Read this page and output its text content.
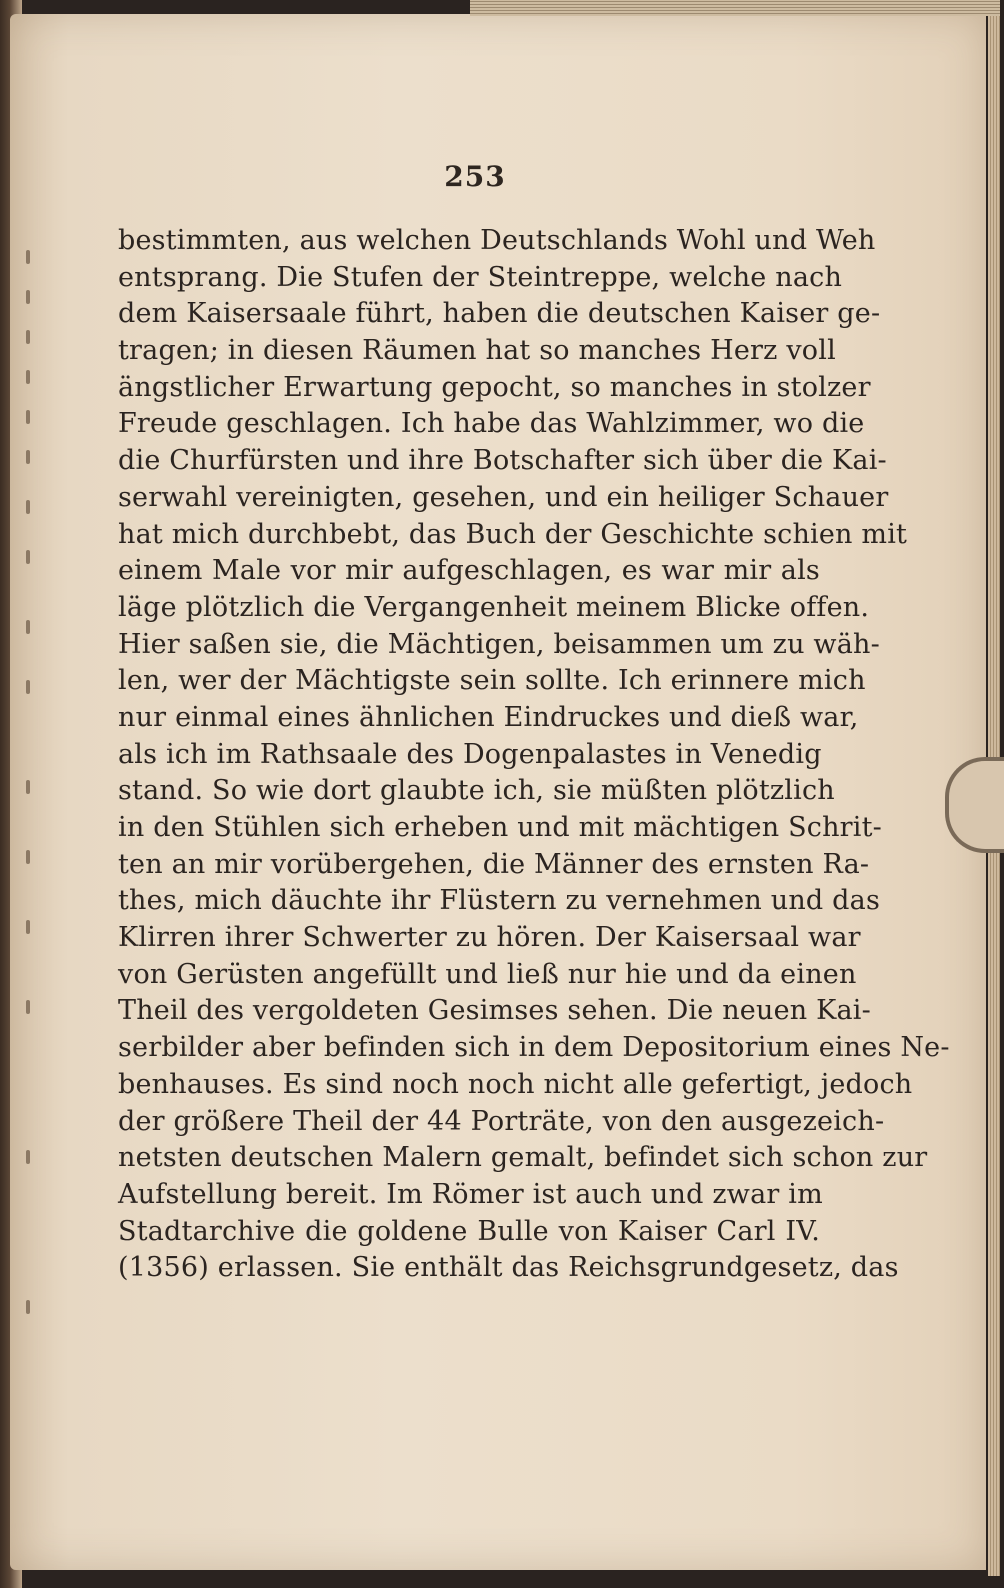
253
bestimmten, aus welchen Deutschlands Wohl und Weh
entsprang. Die Stufen der Steintreppe, welche nach
dem Kaisersaale führt, haben die deutschen Kaiser ge-
tragen; in diesen Räumen hat so manches Herz voll
ängstlicher Erwartung gepocht, so manches in stolzer
Freude geschlagen. Ich habe das Wahlzimmer, wo die
die Churfürsten und ihre Botschafter sich über die Kai-
serwahl vereinigten, gesehen, und ein heiliger Schauer
hat mich durchbebt, das Buch der Geschichte schien mit
einem Male vor mir aufgeschlagen, es war mir als
läge plötzlich die Vergangenheit meinem Blicke offen.
Hier saßen sie, die Mächtigen, beisammen um zu wäh-
len, wer der Mächtigste sein sollte. Ich erinnere mich
nur einmal eines ähnlichen Eindruckes und dieß war,
als ich im Rathsaale des Dogenpalastes in Venedig
stand. So wie dort glaubte ich, sie müßten plötzlich
in den Stühlen sich erheben und mit mächtigen Schrit-
ten an mir vorübergehen, die Männer des ernsten Ra-
thes, mich däuchte ihr Flüstern zu vernehmen und das
Klirren ihrer Schwerter zu hören. Der Kaisersaal war
von Gerüsten angefüllt und ließ nur hie und da einen
Theil des vergoldeten Gesimses sehen. Die neuen Kai-
serbilder aber befinden sich in dem Depositorium eines Ne-
benhauses. Es sind noch noch nicht alle gefertigt, jedoch
der größere Theil der 44 Porträte, von den ausgezeich-
netsten deutschen Malern gemalt, befindet sich schon zur
Aufstellung bereit. Im Römer ist auch und zwar im
Stadtarchive die goldene Bulle von Kaiser Carl IV.
(1356) erlassen. Sie enthält das Reichsgrundgesetz, das
